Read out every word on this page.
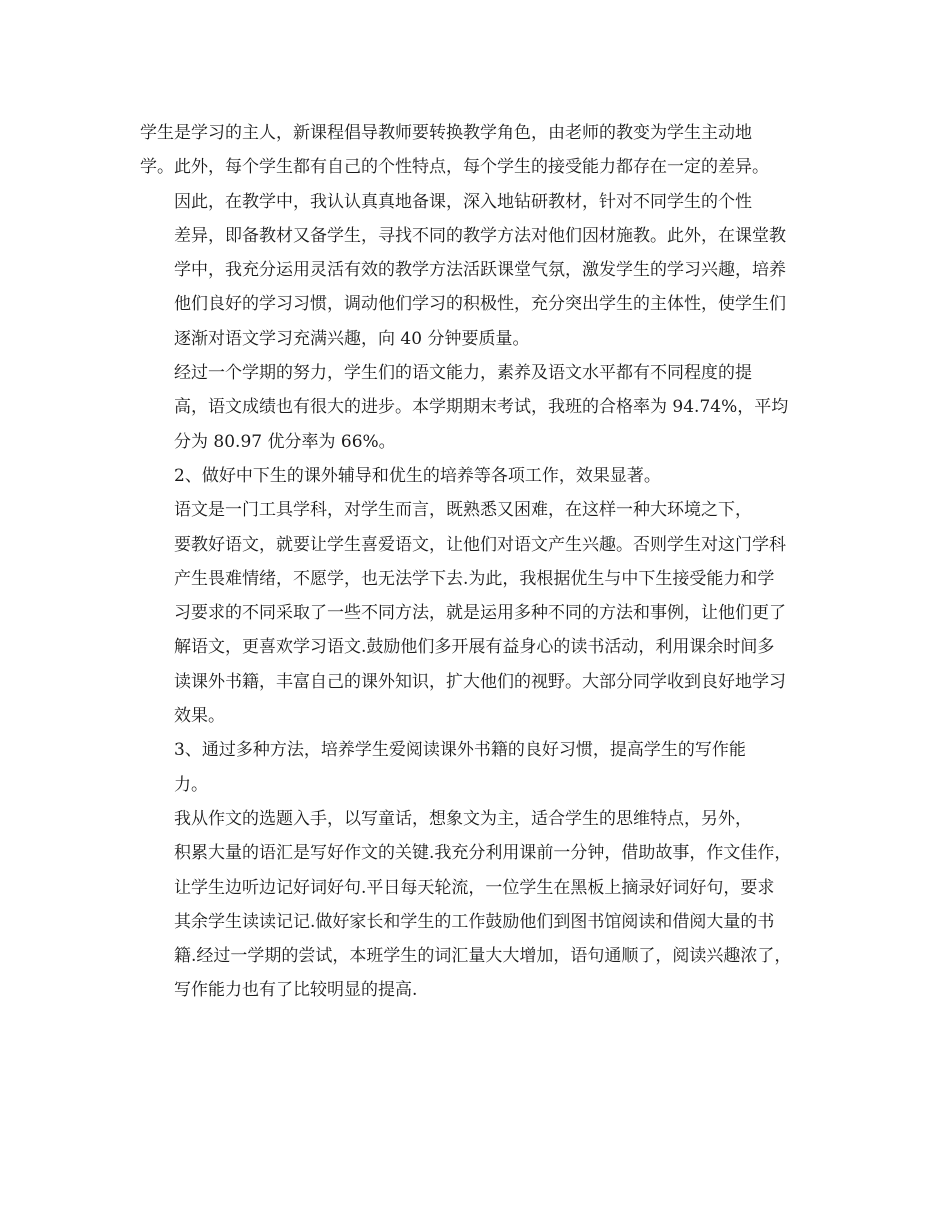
学生是学习的主人，新课程倡导教师要转换教学角色，由老师的教变为学生主动地
学。此外，每个学生都有自己的个性特点，每个学生的接受能力都存在一定的差异。

因此，在教学中，我认认真真地备课，深入地钻研教材，针对不同学生的个性
差异，即备教材又备学生，寻找不同的教学方法对他们因材施教。此外，在课堂教
学中，我充分运用灵活有效的教学方法活跃课堂气氛，激发学生的学习兴趣，培养
他们良好的学习习惯，调动他们学习的积极性，充分突出学生的主体性，使学生们
逐渐对语文学习充满兴趣，向 40 分钟要质量。

经过一个学期的努力，学生们的语文能力，素养及语文水平都有不同程度的提
高，语文成绩也有很大的进步。本学期期末考试，我班的合格率为 94.74%，平均
分为 80.97 优分率为 66%。

2、做好中下生的课外辅导和优生的培养等各项工作，效果显著。

语文是一门工具学科，对学生而言，既熟悉又困难，在这样一种大环境之下，
要教好语文，就要让学生喜爱语文，让他们对语文产生兴趣。否则学生对这门学科
产生畏难情绪，不愿学，也无法学下去.为此，我根据优生与中下生接受能力和学
习要求的不同采取了一些不同方法，就是运用多种不同的方法和事例，让他们更了
解语文，更喜欢学习语文.鼓励他们多开展有益身心的读书活动，利用课余时间多
读课外书籍，丰富自己的课外知识，扩大他们的视野。大部分同学收到良好地学习
效果。

3、通过多种方法，培养学生爱阅读课外书籍的良好习惯，提高学生的写作能
力。

我从作文的选题入手，以写童话，想象文为主，适合学生的思维特点，另外，
积累大量的语汇是写好作文的关键.我充分利用课前一分钟，借助故事，作文佳作，
让学生边听边记好词好句.平日每天轮流，一位学生在黑板上摘录好词好句，要求
其余学生读读记记.做好家长和学生的工作鼓励他们到图书馆阅读和借阅大量的书
籍.经过一学期的尝试，本班学生的词汇量大大增加，语句通顺了，阅读兴趣浓了，
写作能力也有了比较明显的提高.
